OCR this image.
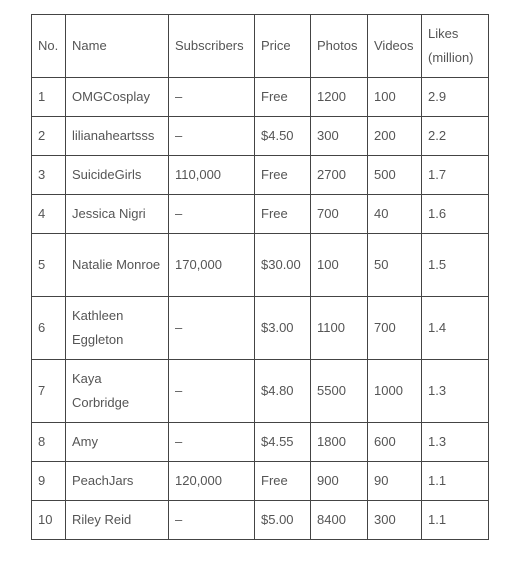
No.	Name	Subscribers	Price	Photos	Videos	Likes (million)
1	OMGCosplay	–	Free	1200	100	2.9
2	lilianaheartsss	–	$4.50	300	200	2.2
3	SuicideGirls	110,000	Free	2700	500	1.7
4	Jessica Nigri	–	Free	700	40	1.6
5	Natalie Monroe	170,000	$30.00	100	50	1.5
6	Kathleen Eggleton	–	$3.00	1100	700	1.4
7	Kaya Corbridge	–	$4.80	5500	1000	1.3
8	Amy	–	$4.55	1800	600	1.3
9	PeachJars	120,000	Free	900	90	1.1
10	Riley Reid	–	$5.00	8400	300	1.1
